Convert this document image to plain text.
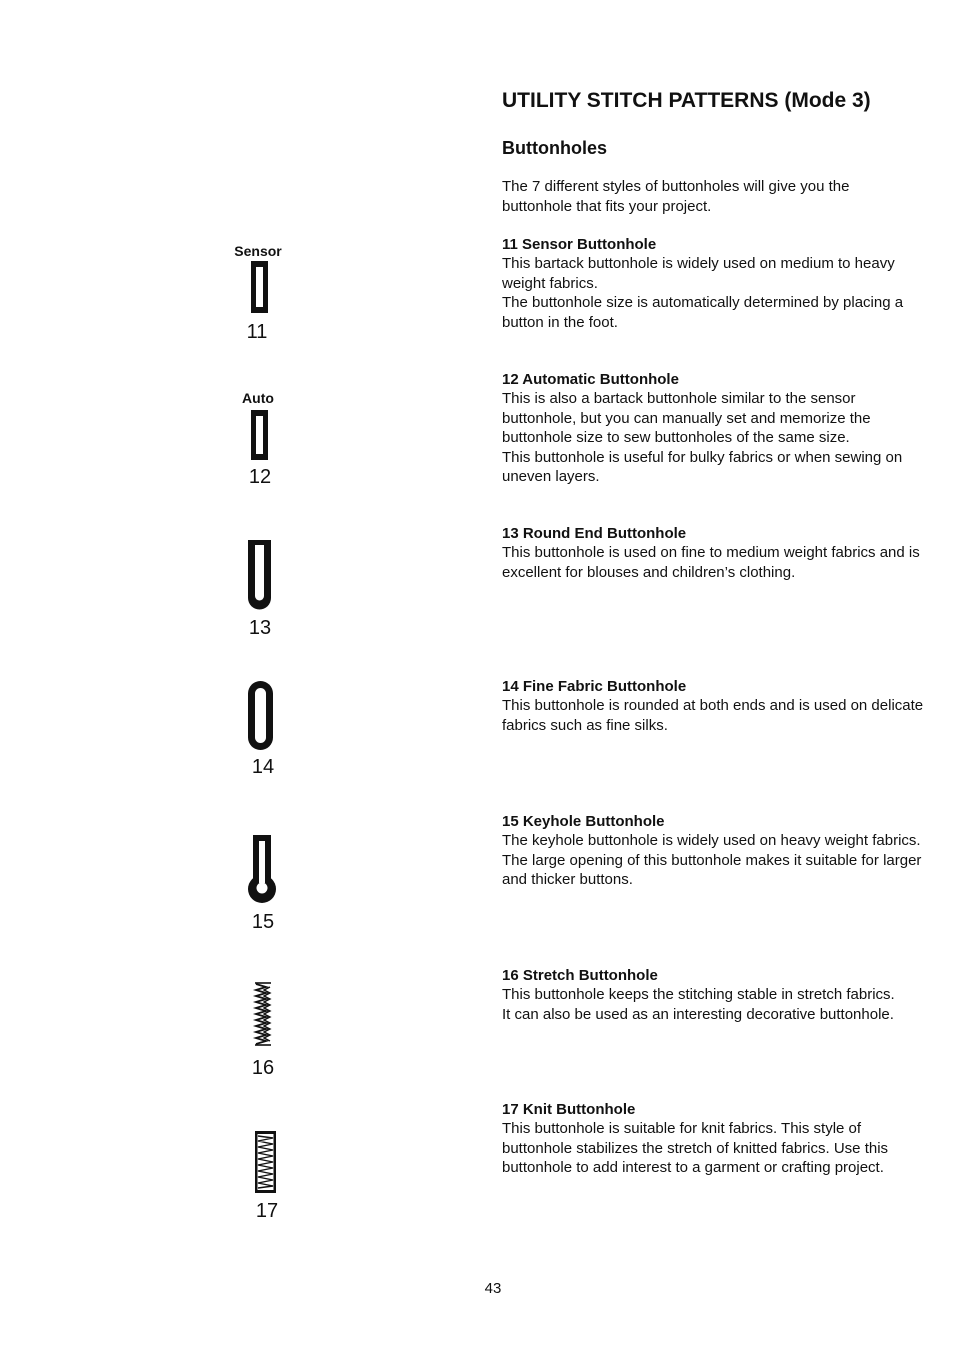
UTILITY STITCH PATTERNS (Mode 3)
Buttonholes

The 7 different styles of buttonholes will give you the buttonhole that fits your project.

Sensor
11
11 Sensor Buttonhole

This bartack buttonhole is widely used on medium to heavy weight fabrics.

The buttonhole size is automatically determined by placing a button in the foot.

Auto
12
12 Automatic Buttonhole

This is also a bartack buttonhole similar to the sensor buttonhole, but you can manually set and memorize the buttonhole size to sew buttonholes of the same size.

This buttonhole is useful for bulky fabrics or when sewing on uneven layers.

13
13 Round End Buttonhole

This buttonhole is used on fine to medium weight fabrics and is excellent for blouses and children’s clothing.

14
14 Fine Fabric Buttonhole

This buttonhole is rounded at both ends and is used on delicate fabrics such as fine silks.

15
15 Keyhole Buttonhole

The keyhole buttonhole is widely used on heavy weight fabrics. The large opening of this buttonhole makes it suitable for larger and thicker buttons.

16
16 Stretch Buttonhole

This buttonhole keeps the stitching stable in stretch fabrics.

It can also be used as an interesting decorative buttonhole.

17
17 Knit Buttonhole

This buttonhole is suitable for knit fabrics. This style of buttonhole stabilizes the stretch of knitted fabrics. Use this buttonhole to add interest to a garment or crafting project.

43
